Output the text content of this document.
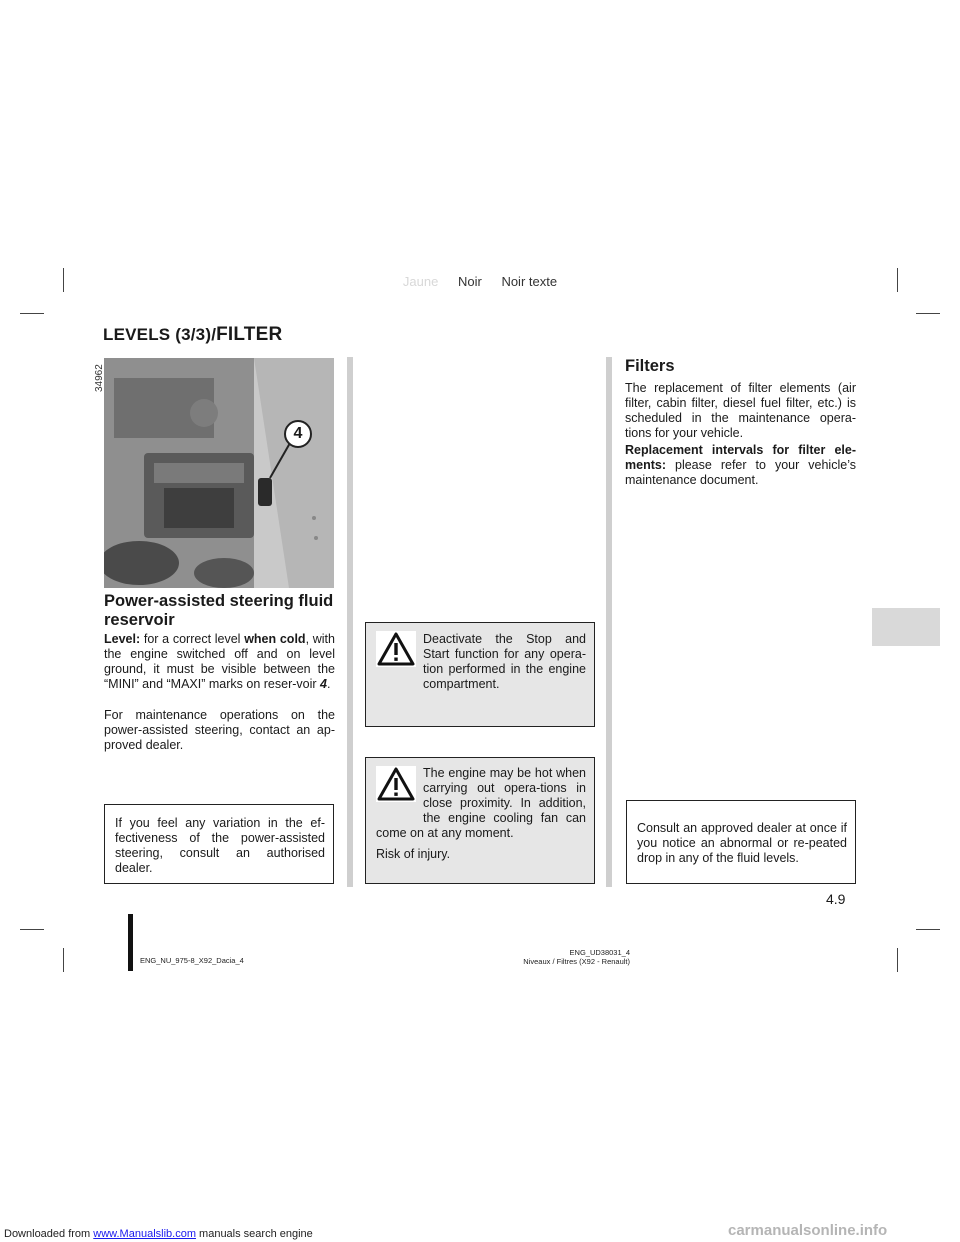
Jaune Noir Noir texte
LEVELS (3/3)/FILTER
34962
4
Power-assisted steering fluid
reservoir
Level: for a correct level when cold, with the engine switched off and on level ground, it must be visible between the “MINI” and “MAXI” marks on reser-voir 4.
For maintenance operations on the power-assisted steering, contact an ap-proved dealer.
If you feel any variation in the ef-fectiveness of the power-assisted steering, consult an authorised dealer.
Deactivate the Stop and Start function for any opera-tion performed in the engine compartment.
The engine may be hot when carrying out opera-tions in close proximity. In addition, the engine cooling fan can come on at any moment.
Risk of injury.
Filters
The replacement of filter elements (air filter, cabin filter, diesel fuel filter, etc.) is scheduled in the maintenance opera-tions for your vehicle.
Replacement intervals for filter ele-ments: please refer to your vehicle’s maintenance document.
Consult an approved dealer at once if you notice an abnormal or re-peated drop in any of the fluid levels.
4.9
ENG_NU_975-8_X92_Dacia_4
ENG_UD38031_4
Niveaux / Filtres (X92 - Renault)
Downloaded from www.Manualslib.com manuals search engine	carmanualsonline.info
